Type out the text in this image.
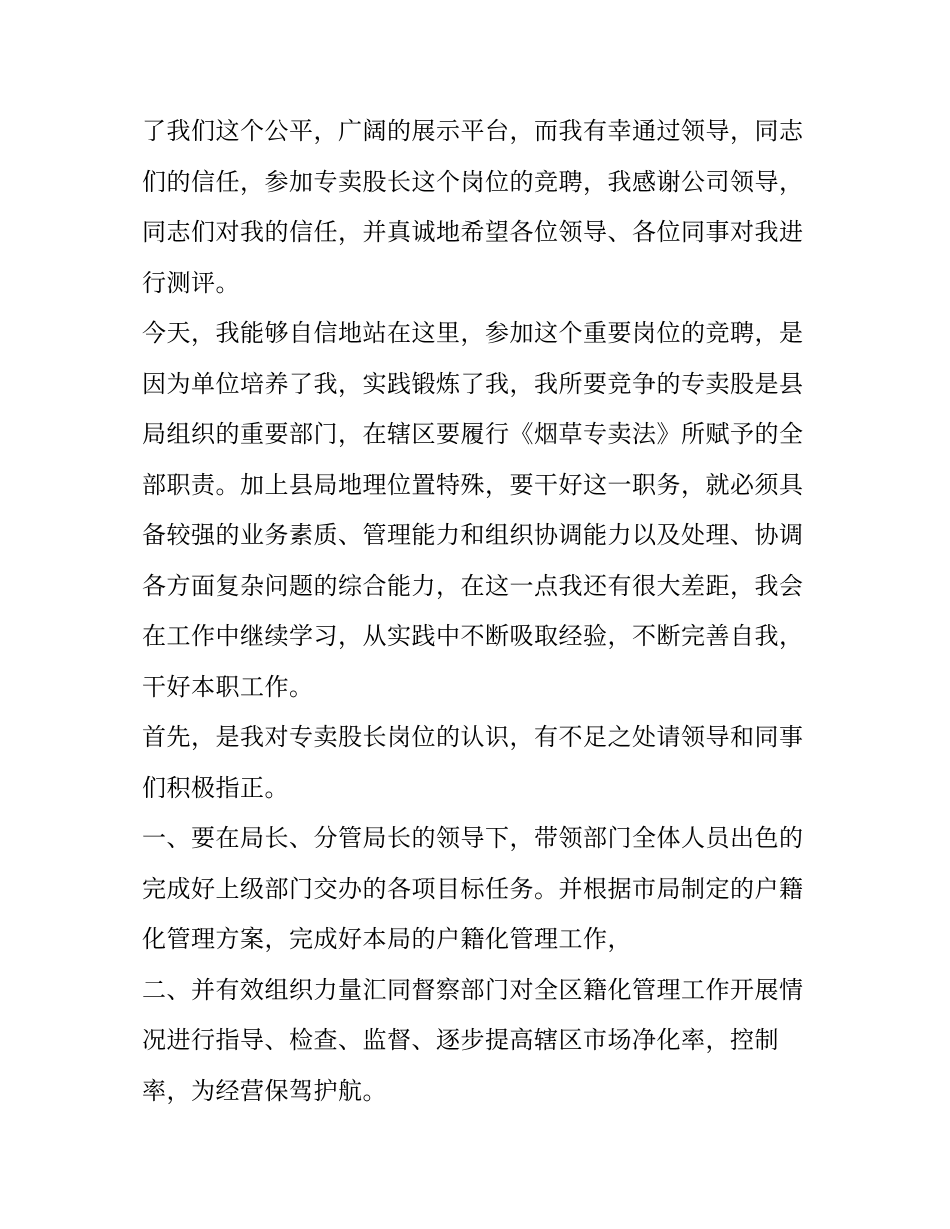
了我们这个公平，广阔的展示平台，而我有幸通过领导，同志
们的信任，参加专卖股长这个岗位的竞聘，我感谢公司领导，
同志们对我的信任，并真诚地希望各位领导、各位同事对我进
行测评。
今天，我能够自信地站在这里，参加这个重要岗位的竞聘，是
因为单位培养了我，实践锻炼了我，我所要竞争的专卖股是县
局组织的重要部门，在辖区要履行《烟草专卖法》所赋予的全
部职责。加上县局地理位置特殊，要干好这一职务，就必须具
备较强的业务素质、管理能力和组织协调能力以及处理、协调
各方面复杂问题的综合能力，在这一点我还有很大差距，我会
在工作中继续学习，从实践中不断吸取经验，不断完善自我，
干好本职工作。
首先，是我对专卖股长岗位的认识，有不足之处请领导和同事
们积极指正。
一、要在局长、分管局长的领导下，带领部门全体人员出色的
完成好上级部门交办的各项目标任务。并根据市局制定的户籍
化管理方案，完成好本局的户籍化管理工作，
二、并有效组织力量汇同督察部门对全区籍化管理工作开展情
况进行指导、检查、监督、逐步提高辖区市场净化率，控制
率，为经营保驾护航。
